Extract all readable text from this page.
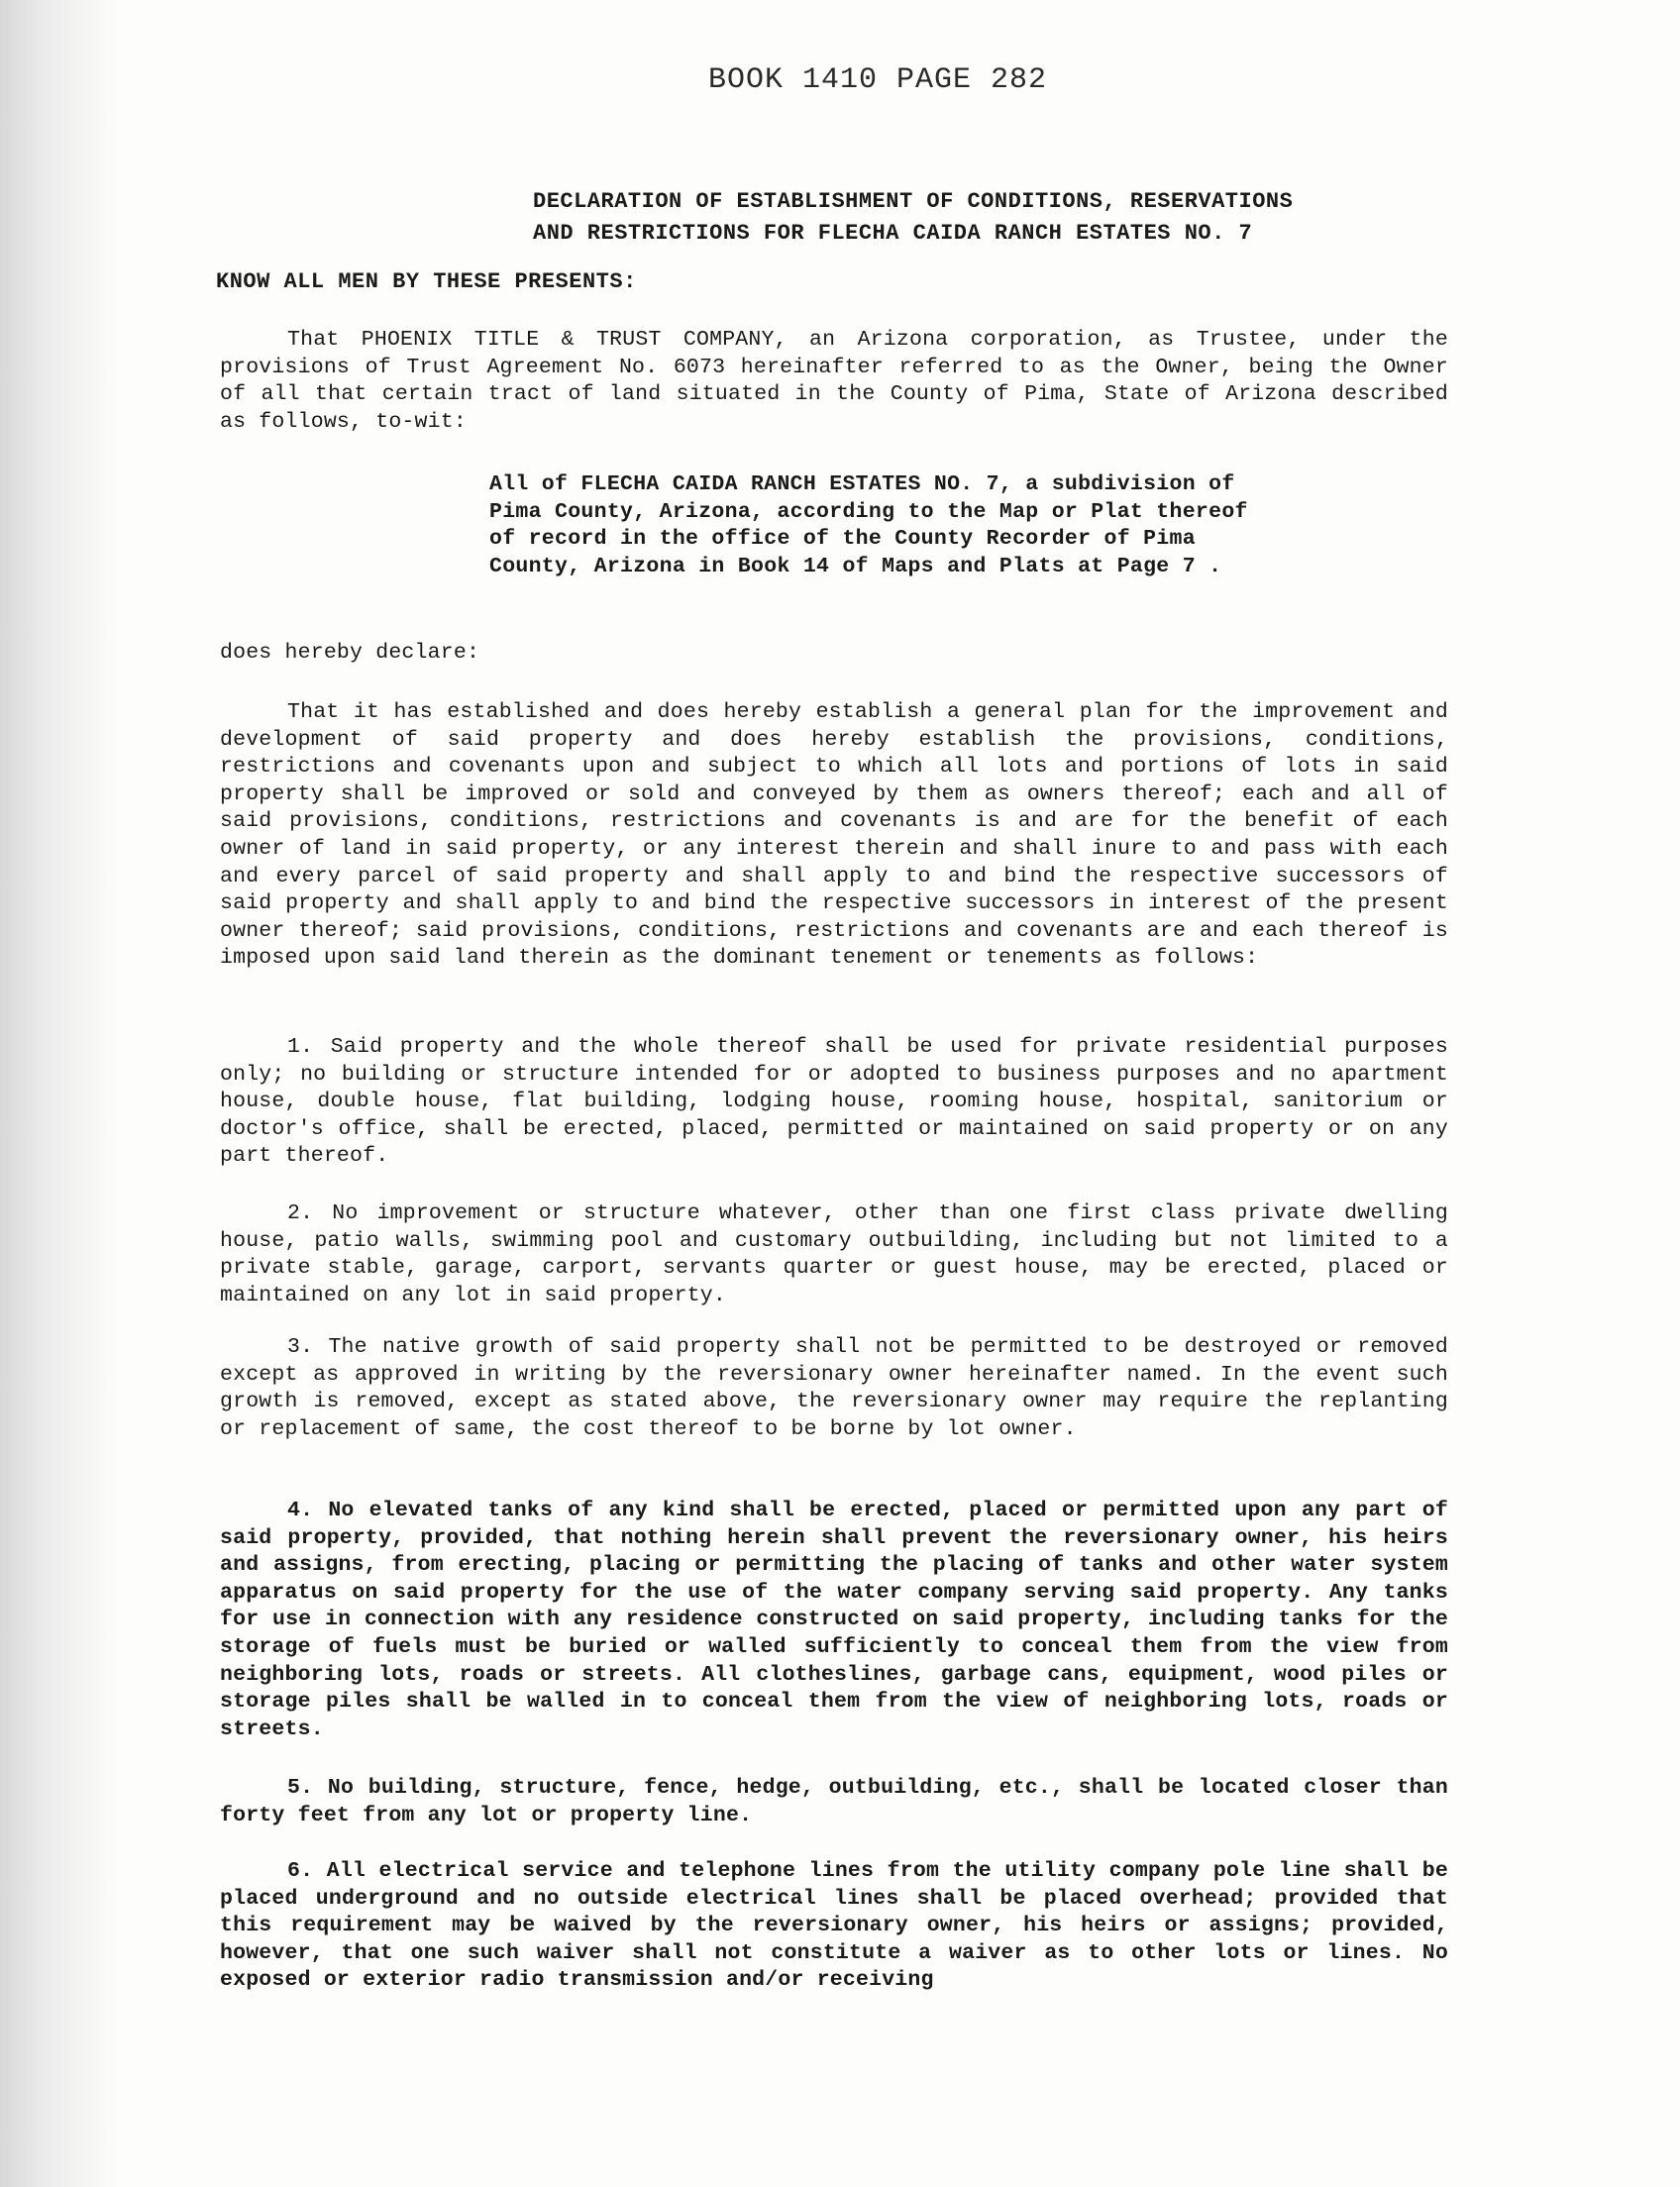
BOOK 1410 PAGE 282
DECLARATION OF ESTABLISHMENT OF CONDITIONS, RESERVATIONS
AND RESTRICTIONS FOR FLECHA CAIDA RANCH ESTATES NO. 7
KNOW ALL MEN BY THESE PRESENTS:
That PHOENIX TITLE & TRUST COMPANY, an Arizona corporation, as Trustee, under the provisions of Trust Agreement No. 6073 hereinafter referred to as the Owner, being the Owner of all that certain tract of land situated in the County of Pima, State of Arizona described as follows, to-wit:
All of FLECHA CAIDA RANCH ESTATES NO. 7, a subdivision of Pima County, Arizona, according to the Map or Plat thereof of record in the office of the County Recorder of Pima County, Arizona in Book 14 of Maps and Plats at Page 7 .
does hereby declare:
That it has established and does hereby establish a general plan for the improvement and development of said property and does hereby establish the provisions, conditions, restrictions and covenants upon and subject to which all lots and portions of lots in said property shall be improved or sold and conveyed by them as owners thereof; each and all of said provisions, conditions, restrictions and covenants is and are for the benefit of each owner of land in said property, or any interest therein and shall inure to and pass with each and every parcel of said property and shall apply to and bind the respective successors of said property and shall apply to and bind the respective successors in interest of the present owner thereof; said provisions, conditions, restrictions and covenants are and each thereof is imposed upon said land therein as the dominant tenement or tenements as follows:
1. Said property and the whole thereof shall be used for private residential purposes only; no building or structure intended for or adopted to business purposes and no apartment house, double house, flat building, lodging house, rooming house, hospital, sanitorium or doctor's office, shall be erected, placed, permitted or maintained on said property or on any part thereof.
2. No improvement or structure whatever, other than one first class private dwelling house, patio walls, swimming pool and customary outbuilding, including but not limited to a private stable, garage, carport, servants quarter or guest house, may be erected, placed or maintained on any lot in said property.
3. The native growth of said property shall not be permitted to be destroyed or removed except as approved in writing by the reversionary owner hereinafter named. In the event such growth is removed, except as stated above, the reversionary owner may require the replanting or replacement of same, the cost thereof to be borne by lot owner.
4. No elevated tanks of any kind shall be erected, placed or permitted upon any part of said property, provided, that nothing herein shall prevent the reversionary owner, his heirs and assigns, from erecting, placing or permitting the placing of tanks and other water system apparatus on said property for the use of the water company serving said property. Any tanks for use in connection with any residence constructed on said property, including tanks for the storage of fuels must be buried or walled sufficiently to conceal them from the view from neighboring lots, roads or streets. All clotheslines, garbage cans, equipment, wood piles or storage piles shall be walled in to conceal them from the view of neighboring lots, roads or streets.
5. No building, structure, fence, hedge, outbuilding, etc., shall be located closer than forty feet from any lot or property line.
6. All electrical service and telephone lines from the utility company pole line shall be placed underground and no outside electrical lines shall be placed overhead; provided that this requirement may be waived by the reversionary owner, his heirs or assigns; provided, however, that one such waiver shall not constitute a waiver as to other lots or lines. No exposed or exterior radio transmission and/or receiving
